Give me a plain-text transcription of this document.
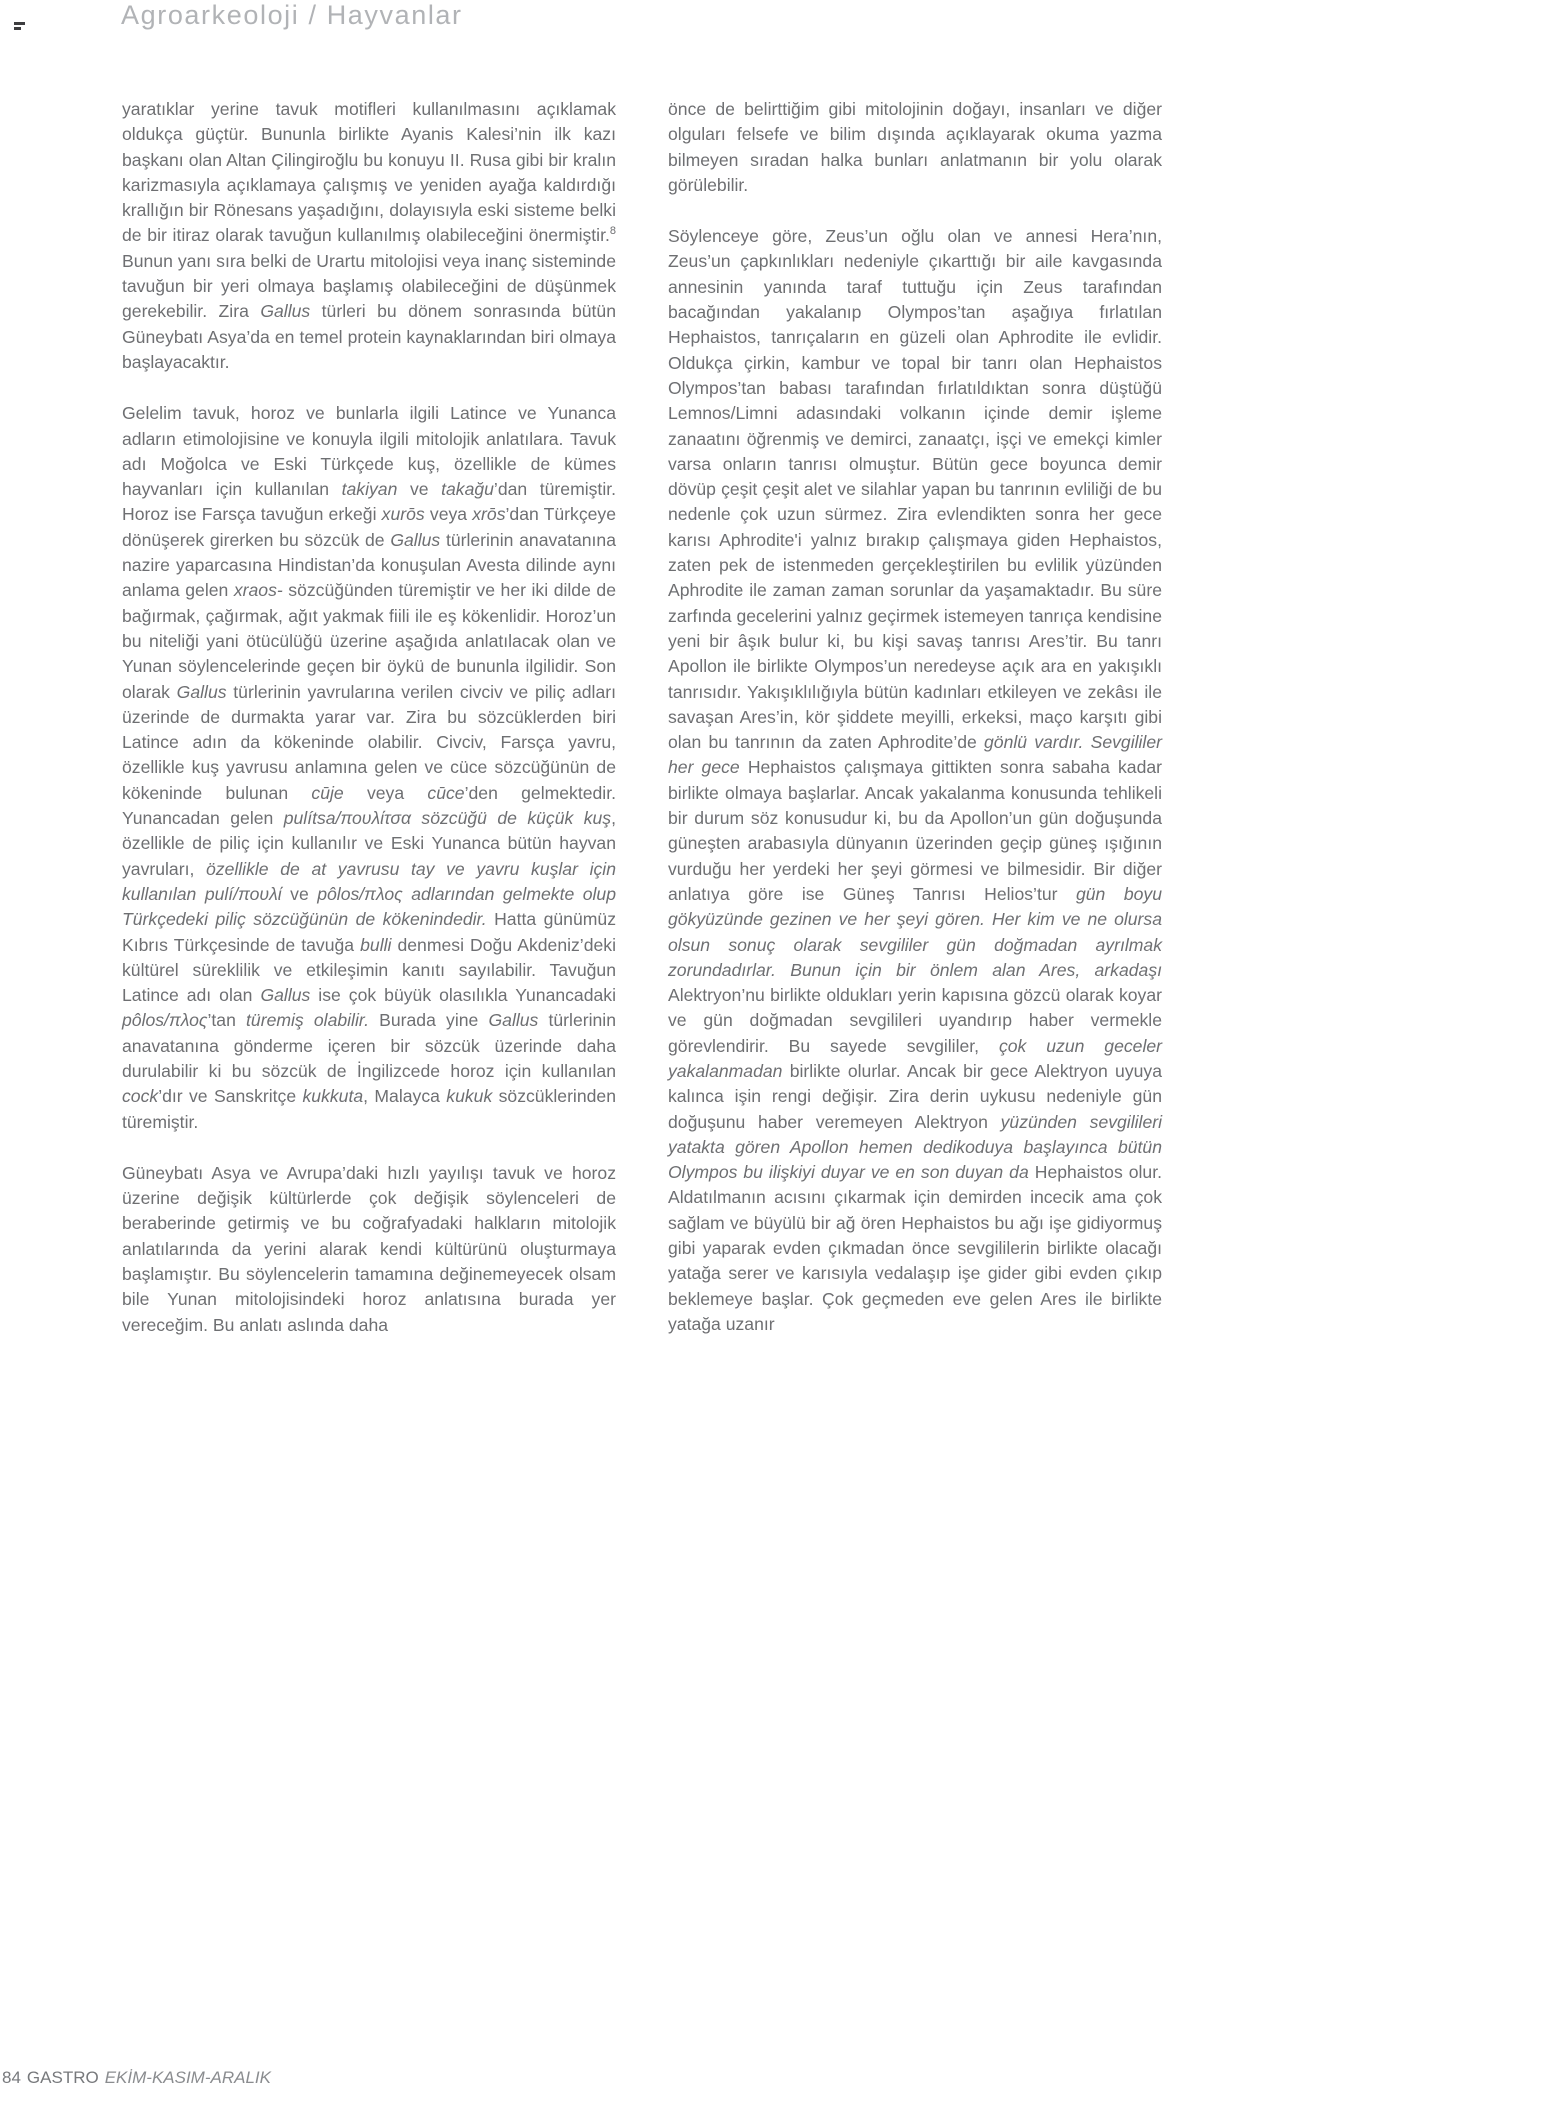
Agroarkeoloji / Hayvanlar

yaratıklar yerine tavuk motifleri kullanılmasını açıklamak oldukça güçtür. Bununla birlikte Ayanis Kalesi’nin ilk kazı başkanı olan Altan Çilingiroğlu bu konuyu II. Rusa gibi bir kralın karizmasıyla açıklamaya çalışmış ve yeniden ayağa kaldırdığı krallığın bir Rönesans yaşadığını, dolayısıyla eski sisteme belki de bir itiraz olarak tavuğun kullanılmış olabileceğini önermiştir.$^8$ Bunun yanı sıra belki de Urartu mitolojisi veya inanç sisteminde tavuğun bir yeri olmaya başlamış olabileceğini de düşünmek gerekebilir. Zira Gallus türleri bu dönem sonrasında bütün Güneybatı Asya’da en temel protein kaynaklarından biri olmaya başlayacaktır.

Gelelim tavuk, horoz ve bunlarla ilgili Latince ve Yunanca adların etimolojisine ve konuyla ilgili mitolojik anlatılara. Tavuk adı Moğolca ve Eski Türkçede kuş, özellikle de kümes hayvanları için kullanılan takiyan ve takağu’dan türemiştir. Horoz ise Farsça tavuğun erkeği xurōs veya xrōs’dan Türkçeye dönüşerek girerken bu sözcük de Gallus türlerinin anavatanına nazire yaparcasına Hindistan’da konuşulan Avesta dilinde aynı anlama gelen xraos- sözcüğünden türemiştir ve her iki dilde de bağırmak, çağırmak, ağıt yakmak fiili ile eş kökenlidir. Horoz’un bu niteliği yani ötücülüğü üzerine aşağıda anlatılacak olan ve Yunan söylencelerinde geçen bir öykü de bununla ilgilidir. Son olarak Gallus türlerinin yavrularına verilen civciv ve piliç adları üzerinde de durmakta yarar var. Zira bu sözcüklerden biri Latince adın da kökeninde olabilir. Civciv, Farsça yavru, özellikle kuş yavrusu anlamına gelen ve cüce sözcüğünün de kökeninde bulunan cūje veya cūce’den gelmektedir. Yunancadan gelen pulítsa/πουλίτσα sözcüğü de küçük kuş, özellikle de piliç için kullanılır ve Eski Yunanca bütün hayvan yavruları, özellikle de at yavrusu tay ve yavru kuşlar için kullanılan pulí/πουλί ve pôlos/πλος adlarından gelmekte olup Türkçedeki piliç sözcüğünün de kökenindedir. Hatta günümüz Kıbrıs Türkçesinde de tavuğa bulli denmesi Doğu Akdeniz’deki kültürel süreklilik ve etkileşimin kanıtı sayılabilir. Tavuğun Latince adı olan Gallus ise çok büyük olasılıkla Yunancadaki pôlos/πλος’tan türemiş olabilir. Burada yine Gallus türlerinin anavatanına gönderme içeren bir sözcük üzerinde daha durulabilir ki bu sözcük de İngilizcede horoz için kullanılan cock’dır ve Sanskritçe kukkuta, Malayca kukuk sözcüklerinden türemiştir.

Güneybatı Asya ve Avrupa’daki hızlı yayılışı tavuk ve horoz üzerine değişik kültürlerde çok değişik söylenceleri de beraberinde getirmiş ve bu coğrafyadaki halkların mitolojik anlatılarında da yerini alarak kendi kültürünü oluşturmaya başlamıştır. Bu söylencelerin tamamına değinemeyecek olsam bile Yunan mitolojisindeki horoz anlatısına burada yer vereceğim. Bu anlatı aslında daha

önce de belirttiğim gibi mitolojinin doğayı, insanları ve diğer olguları felsefe ve bilim dışında açıklayarak okuma yazma bilmeyen sıradan halka bunları anlatmanın bir yolu olarak görülebilir.

Söylenceye göre, Zeus’un oğlu olan ve annesi Hera’nın, Zeus’un çapkınlıkları nedeniyle çıkarttığı bir aile kavgasında annesinin yanında taraf tuttuğu için Zeus tarafından bacağından yakalanıp Olympos’tan aşağıya fırlatılan Hephaistos, tanrıçaların en güzeli olan Aphrodite ile evlidir. Oldukça çirkin, kambur ve topal bir tanrı olan Hephaistos Olympos’tan babası tarafından fırlatıldıktan sonra düştüğü Lemnos/Limni adasındaki volkanın içinde demir işleme zanaatını öğrenmiş ve demirci, zanaatçı, işçi ve emekçi kimler varsa onların tanrısı olmuştur. Bütün gece boyunca demir dövüp çeşit çeşit alet ve silahlar yapan bu tanrının evliliği de bu nedenle çok uzun sürmez. Zira evlendikten sonra her gece karısı Aphrodite'i yalnız bırakıp çalışmaya giden Hephaistos, zaten pek de istenmeden gerçekleştirilen bu evlilik yüzünden Aphrodite ile zaman zaman sorunlar da yaşamaktadır. Bu süre zarfında gecelerini yalnız geçirmek istemeyen tanrıça kendisine yeni bir âşık bulur ki, bu kişi savaş tanrısı Ares’tir. Bu tanrı Apollon ile birlikte Olympos’un neredeyse açık ara en yakışıklı tanrısıdır. Yakışıklılığıyla bütün kadınları etkileyen ve zekâsı ile savaşan Ares’in, kör şiddete meyilli, erkeksi, maço karşıtı gibi olan bu tanrının da zaten Aphrodite’de gönlü vardır. Sevgililer her gece Hephaistos çalışmaya gittikten sonra sabaha kadar birlikte olmaya başlarlar. Ancak yakalanma konusunda tehlikeli bir durum söz konusudur ki, bu da Apollon’un gün doğuşunda güneşten arabasıyla dünyanın üzerinden geçip güneş ışığının vurduğu her yerdeki her şeyi görmesi ve bilmesidir. Bir diğer anlatıya göre ise Güneş Tanrısı Helios’tur gün boyu gökyüzünde gezinen ve her şeyi gören. Her kim ve ne olursa olsun sonuç olarak sevgililer gün doğmadan ayrılmak zorundadırlar. Bunun için bir önlem alan Ares, arkadaşı Alektryon’nu birlikte oldukları yerin kapısına gözcü olarak koyar ve gün doğmadan sevgilileri uyandırıp haber vermekle görevlendirir. Bu sayede sevgililer, çok uzun geceler yakalanmadan birlikte olurlar. Ancak bir gece Alektryon uyuya kalınca işin rengi değişir. Zira derin uykusu nedeniyle gün doğuşunu haber veremeyen Alektryon yüzünden sevgilileri yatakta gören Apollon hemen dedikoduya başlayınca bütün Olympos bu ilişkiyi duyar ve en son duyan da Hephaistos olur. Aldatılmanın acısını çıkarmak için demirden incecik ama çok sağlam ve büyülü bir ağ ören Hephaistos bu ağı işe gidiyormuş gibi yaparak evden çıkmadan önce sevgililerin birlikte olacağı yatağa serer ve karısıyla vedalaşıp işe gider gibi evden çıkıp beklemeye başlar. Çok geçmeden eve gelen Ares ile birlikte yatağa uzanır

84 GASTRO EKİM-KASIM-ARALIK
